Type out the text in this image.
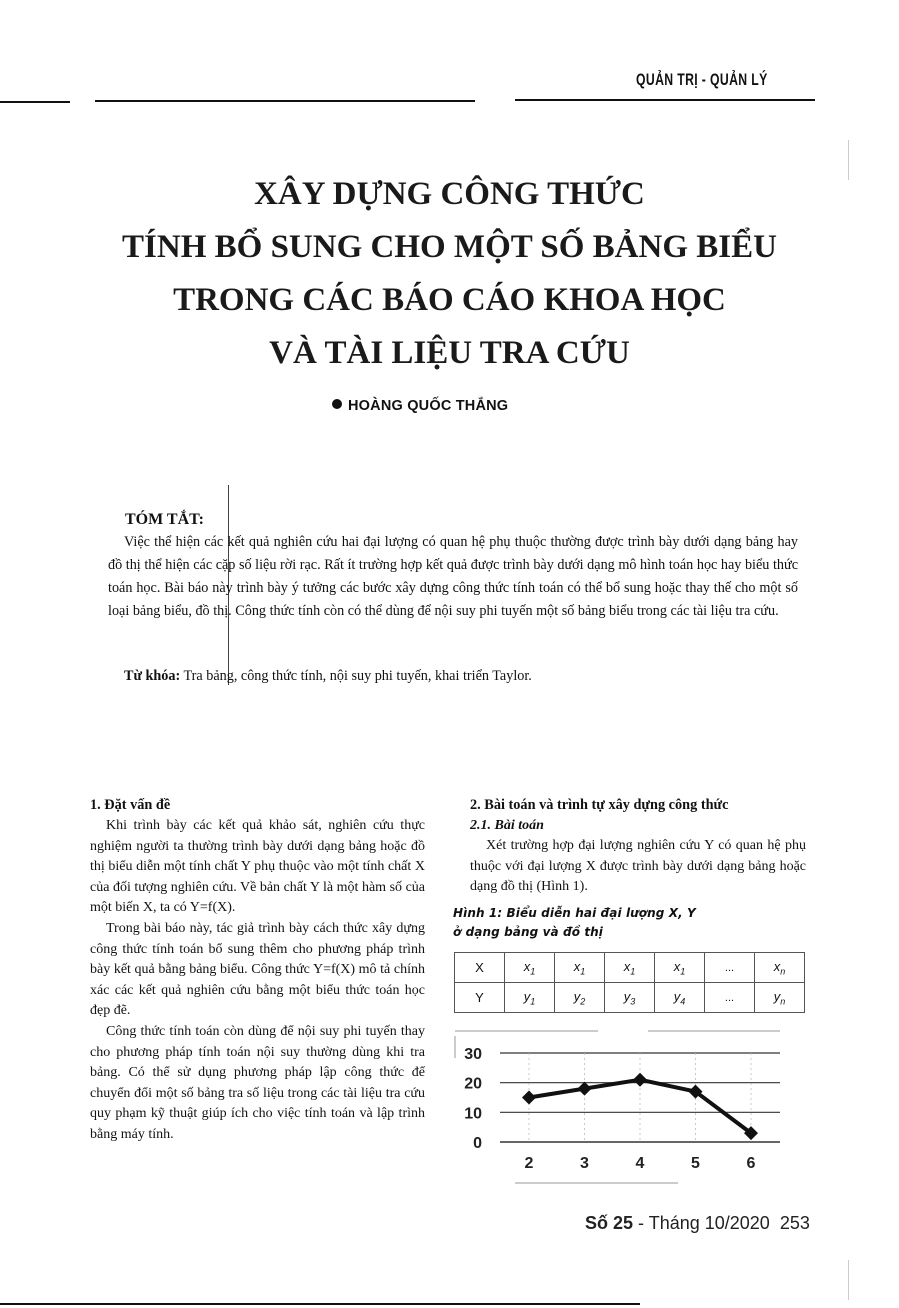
QUẢN TRỊ - QUẢN LÝ
XÂY DỰNG CÔNG THỨC
TÍNH BỔ SUNG CHO MỘT SỐ BẢNG BIỂU
TRONG CÁC BÁO CÁO KHOA HỌC
VÀ TÀI LIỆU TRA CỨU
HOÀNG QUỐC THẮNG
TÓM TẮT:

Việc thể hiện các kết quả nghiên cứu hai đại lượng có quan hệ phụ thuộc thường được trình bày dưới dạng bảng hay đồ thị thể hiện các cặp số liệu rời rạc. Rất ít trường hợp kết quả được trình bày dưới dạng mô hình toán học hay biểu thức toán học. Bài báo này trình bày ý tưởng các bước xây dựng công thức tính toán có thể bổ sung hoặc thay thế cho một số loại bảng biểu, đồ thị. Công thức tính còn có thể dùng để nội suy phi tuyến một số bảng biểu trong các tài liệu tra cứu.

Từ khóa: Tra bảng, công thức tính, nội suy phi tuyến, khai triển Taylor.
1. Đặt vấn đề

Khi trình bày các kết quả khảo sát, nghiên cứu thực nghiệm người ta thường trình bày dưới dạng bảng hoặc đồ thị biểu diễn một tính chất Y phụ thuộc vào một tính chất X của đối tượng nghiên cứu. Về bản chất Y là một hàm số của một biến X, ta có Y=f(X).

Trong bài báo này, tác giả trình bày cách thức xây dựng công thức tính toán bổ sung thêm cho phương pháp trình bày kết quả bằng bảng biểu. Công thức Y=f(X) mô tả chính xác các kết quả nghiên cứu bằng một biểu thức toán học đẹp đẽ.

Công thức tính toán còn dùng để nội suy phi tuyến thay cho phương pháp tính toán nội suy thường dùng khi tra bảng. Có thể sử dụng phương pháp lập công thức để chuyển đổi một số bảng tra số liệu trong các tài liệu tra cứu quy phạm kỹ thuật giúp ích cho việc tính toán và lập trình bằng máy tính.

2. Bài toán và trình tự xây dựng công thức
2.1. Bài toán

Xét trường hợp đại lượng nghiên cứu Y có quan hệ phụ thuộc với đại lượng X được trình bày dưới dạng bảng hoặc dạng đồ thị (Hình 1).

Hình 1: Biểu diễn hai đại lượng X, Y
ở dạng bảng và đồ thị
X	$x_1$	$x_1$	$x_1$	$x_1$	...	$x_n$
Y	$y_1$	$y_2$	$y_3$	$y_4$	...	$y_n$
0
10
20
30
2	3	4	5	6
Số 25 - Tháng 10/2020 253
